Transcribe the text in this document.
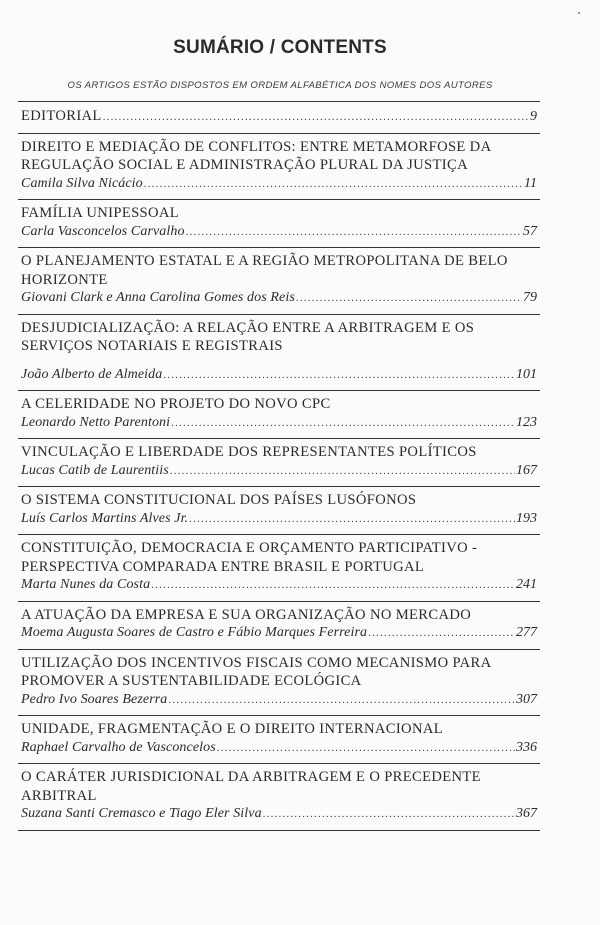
SUMÁRIO / CONTENTS
OS ARTIGOS ESTÃO DISPOSTOS EM ORDEM ALFABÉTICA DOS NOMES DOS AUTORES
EDITORIAL .....	9
DIREITO E MEDIAÇÃO DE CONFLITOS: ENTRE METAMORFOSE DA REGULAÇÃO SOCIAL E ADMINISTRAÇÃO PLURAL DA JUSTIÇA
Camila Silva Nicácio .....	11
FAMÍLIA UNIPESSOAL
Carla Vasconcelos Carvalho .....	57
O PLANEJAMENTO ESTATAL E A REGIÃO METROPOLITANA DE BELO HORIZONTE
Giovani Clark e Anna Carolina Gomes dos Reis .....	79
DESJUDICIALIZAÇÃO: A RELAÇÃO ENTRE A ARBITRAGEM E OS SERVIÇOS NOTARIAIS E REGISTRAIS
João Alberto de Almeida .....	101
A CELERIDADE NO PROJETO DO NOVO CPC
Leonardo Netto Parentoni .....	123
VINCULAÇÃO E LIBERDADE DOS REPRESENTANTES POLÍTICOS
Lucas Catib de Laurentiis .....	167
O SISTEMA CONSTITUCIONAL DOS PAÍSES LUSÓFONOS
Luís Carlos Martins Alves Jr. .....	193
CONSTITUIÇÃO, DEMOCRACIA E ORÇAMENTO PARTICIPATIVO - PERSPECTIVA COMPARADA ENTRE BRASIL E PORTUGAL
Marta Nunes da Costa .....	241
A ATUAÇÃO DA EMPRESA E SUA ORGANIZAÇÃO NO MERCADO
Moema Augusta Soares de Castro e Fábio Marques Ferreira .....	277
UTILIZAÇÃO DOS INCENTIVOS FISCAIS COMO MECANISMO PARA PROMOVER A SUSTENTABILIDADE ECOLÓGICA
Pedro Ivo Soares Bezerra .....	307
UNIDADE, FRAGMENTAÇÃO E O DIREITO INTERNACIONAL
Raphael Carvalho de Vasconcelos .....	336
O CARÁTER JURISDICIONAL DA ARBITRAGEM E O PRECEDENTE ARBITRAL
Suzana Santi Cremasco e Tiago Eler Silva .....	367
